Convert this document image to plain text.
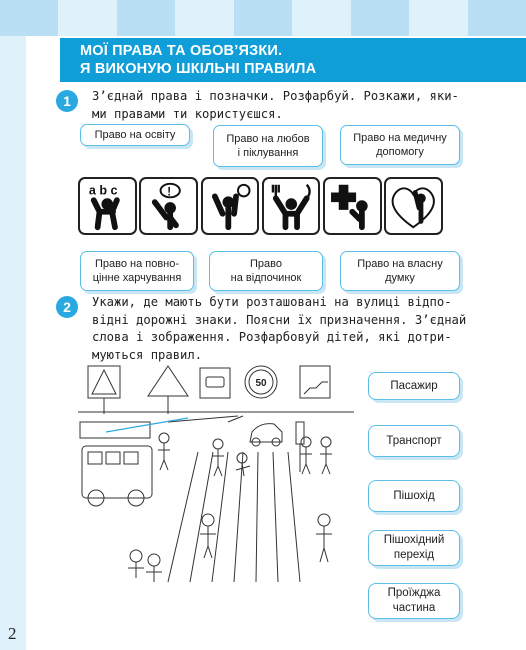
МОЇ ПРАВА ТА ОБОВ’ЯЗКИ.
Я ВИКОНУЮ ШКІЛЬНІ ПРАВИЛА
1	З’єднай права і позначки. Розфарбуй. Розкажи, яки-
ми правами ти користуєшся.
Право на освіту	Право на любов
і піклування
Право на медичну
допомогу
a b c	!
Право на повно-
цінне харчування
Право
на відпочинок
Право на власну
думку
2	Укажи, де мають бути розташовані на вулиці відпо-
відні дорожні знаки. Поясни їх призначення. З’єднай
слова і зображення. Розфарбовуй дітей, які дотри-
муються правил.
50	Пасажир
Транспорт
Пішохід
Пішохідний
перехід
Проїжджа
частина
2
